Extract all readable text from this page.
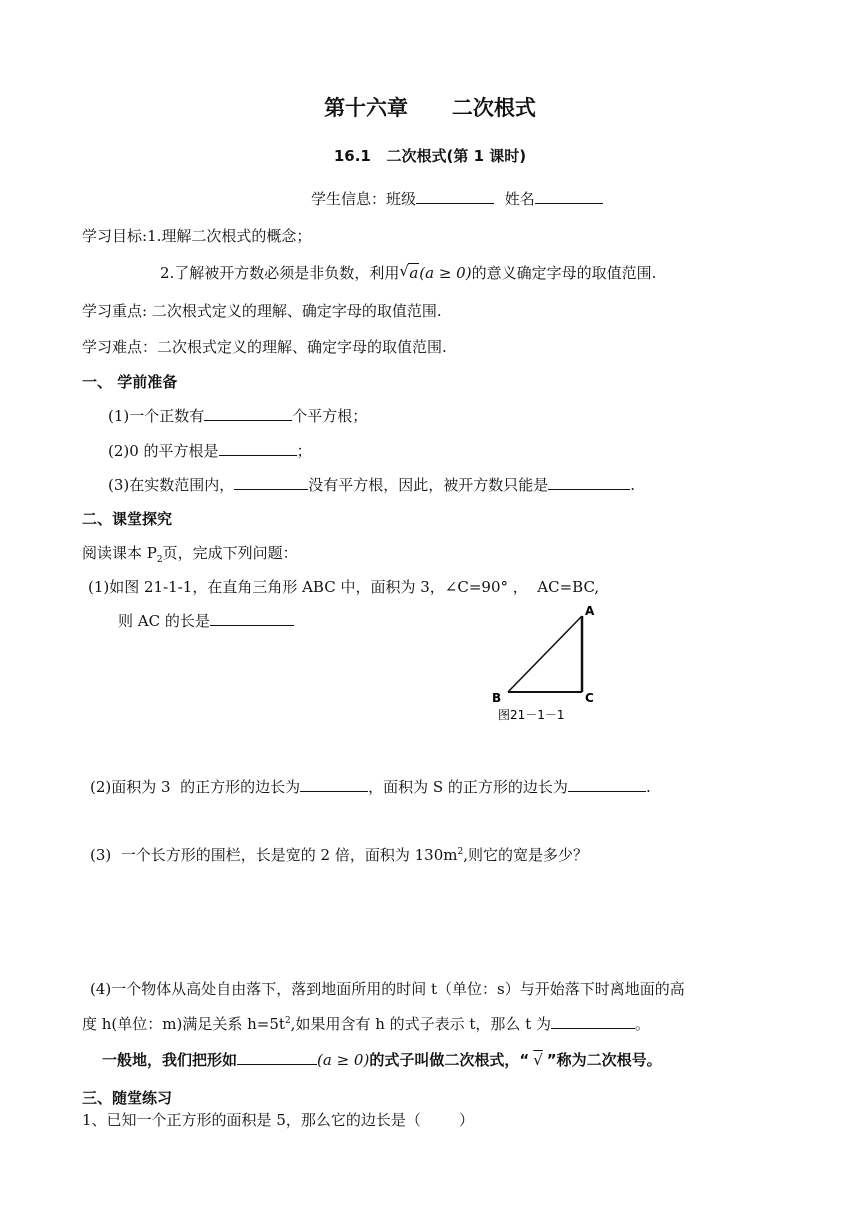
第十六章      二次根式
16.1   二次根式(第 1 课时)
学生信息：班级	姓名
学习目标:1.理解二次根式的概念；
2.了解被开方数必须是非负数，利用 √ a(a ≥ 0)的意义确定字母的取值范围.
学习重点: 二次根式定义的理解、确定字母的取值范围.
学习难点：二次根式定义的理解、确定字母的取值范围.
一、 学前准备
(1)一个正数有	个平方根；
(2)0 的平方根是	；
(3)在实数范围内，	没有平方根，因此，被开方数只能是	.
二、课堂探究
阅读课本 $P_2$页，完成下列问题：
(1)如图 21-1-1，在直角三角形 ABC 中，面积为 3，∠C=90° ，  AC=BC,
则 AC 的长是
A
B	C
图21－1－1
(2)面积为 3  的正方形的边长为	，面积为 S 的正方形的边长为	.
(3)  一个长方形的围栏，长是宽的 2 倍，面积为 $130m^2$,则它的宽是多少？
(4)一个物体从高处自由落下，落到地面所用的时间 t（单位：s）与开始落下时离地面的高
度 h(单位：m)满足关系 $h=5t^2$,如果用含有 h 的式子表示 t，那么 t 为	。
一般地，我们把形如	(a ≥ 0)的式子叫做二次根式，“ √ ”称为二次根号。
三、随堂练习
1、已知一个正方形的面积是 5，那么它的边长是（        ）
